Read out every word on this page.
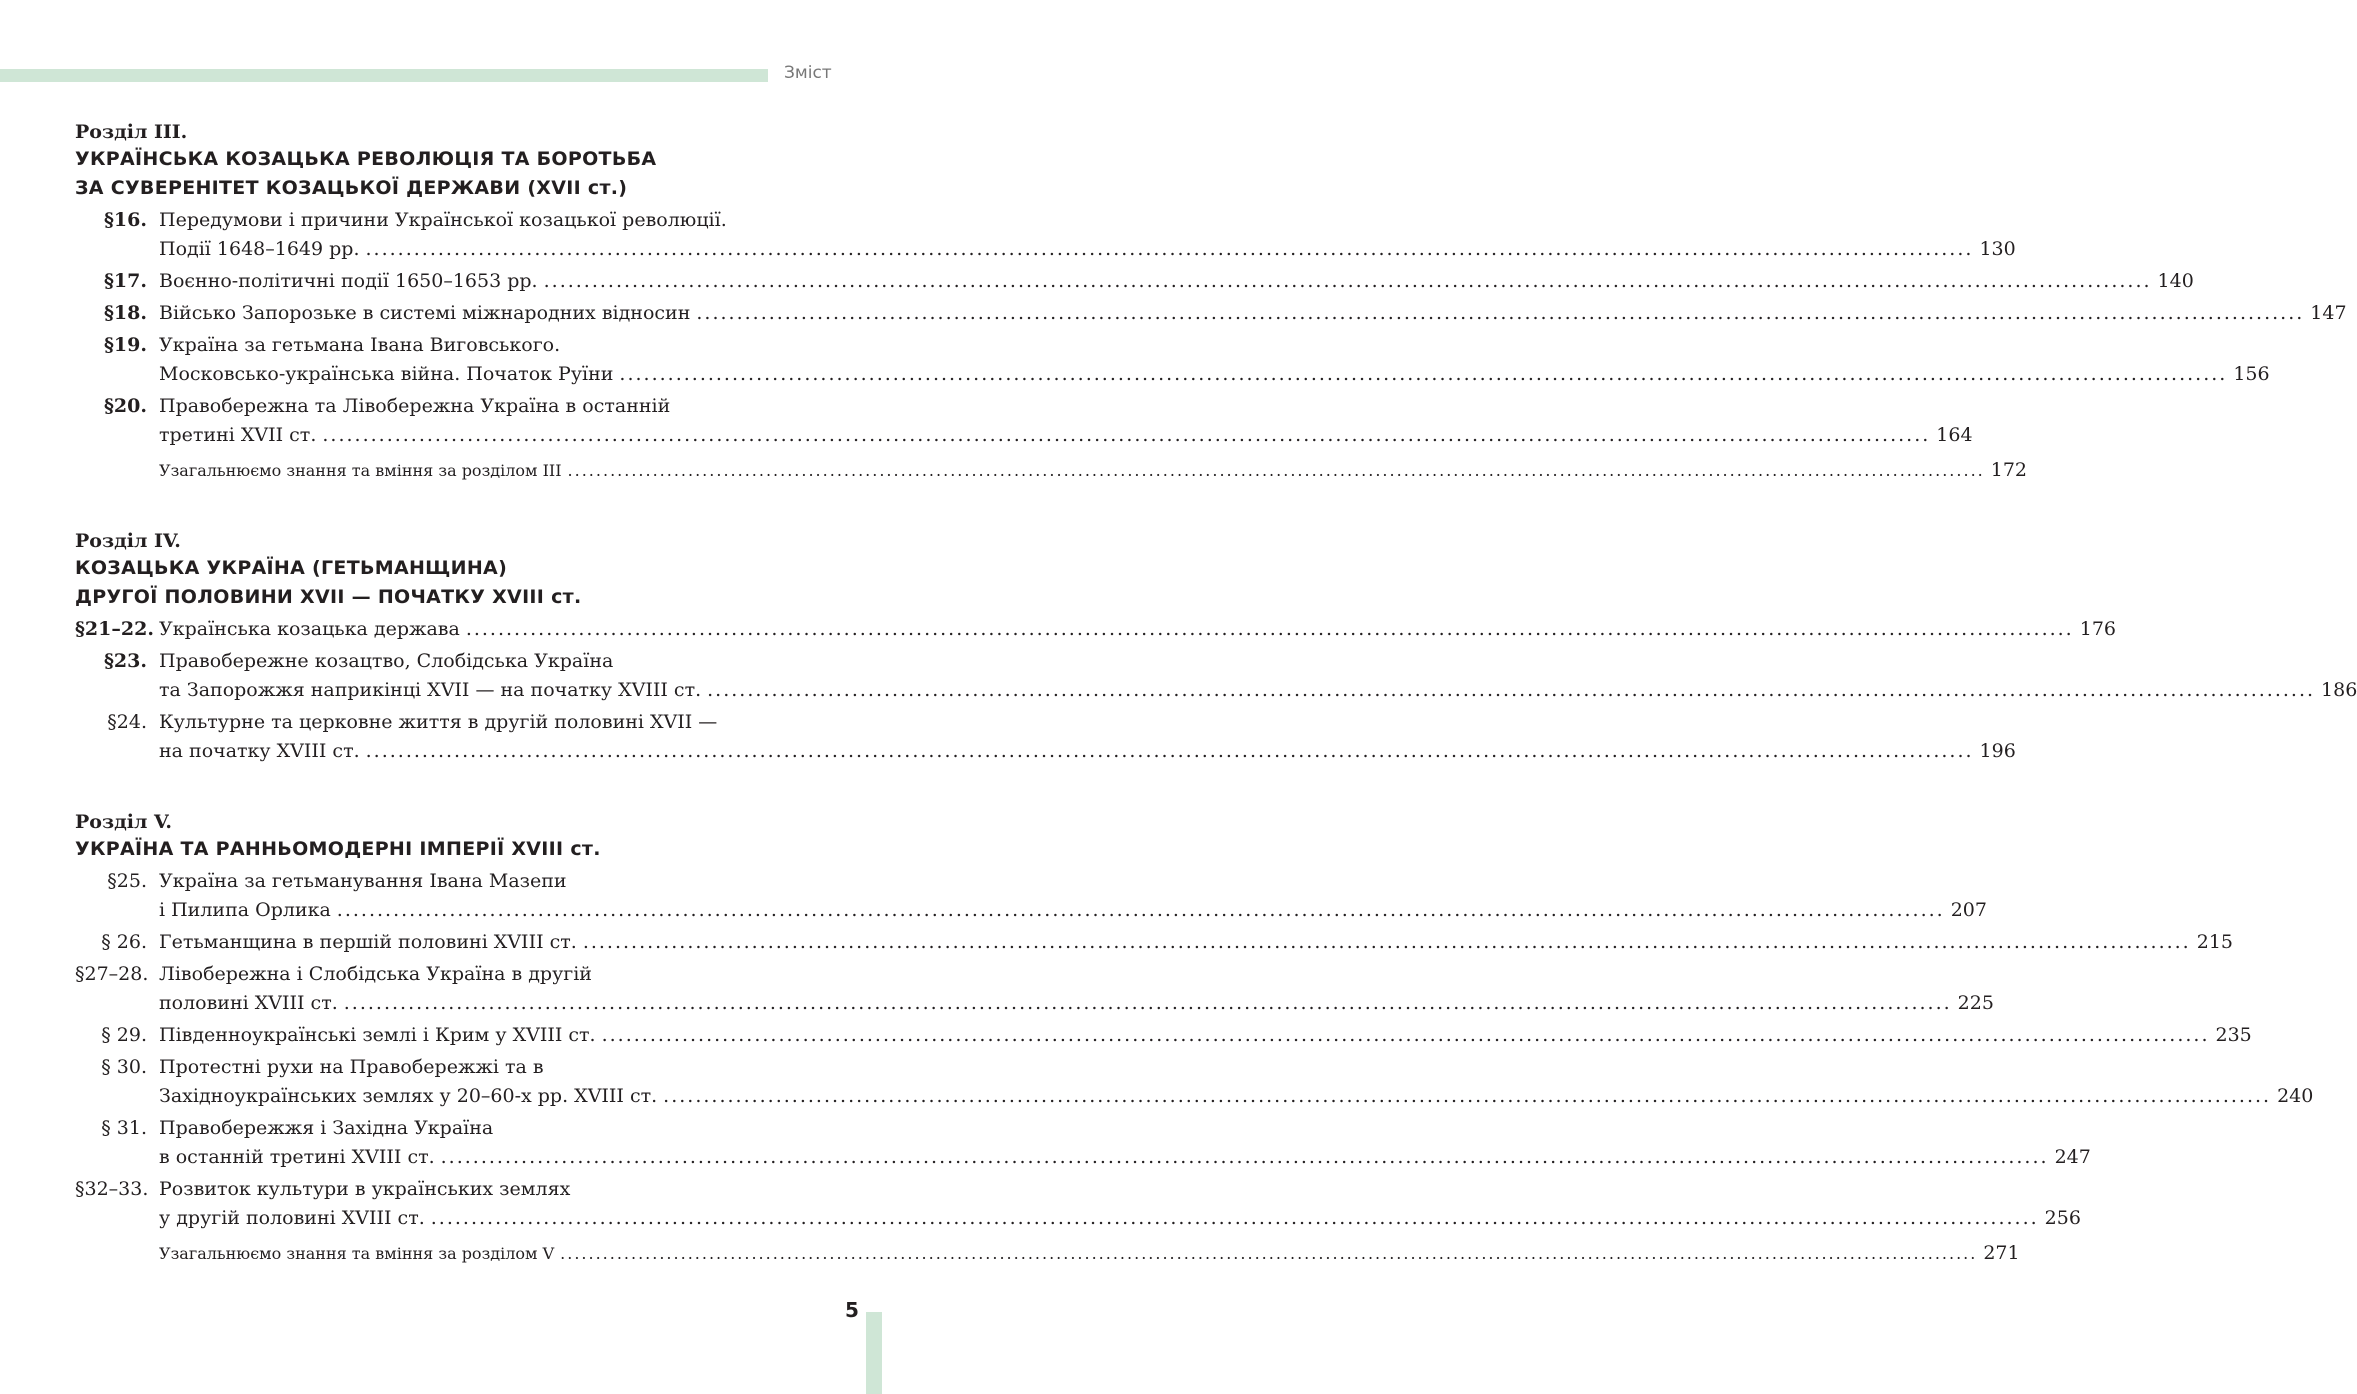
Зміст
Розділ III.
УКРАЇНСЬКА КОЗАЦЬКА РЕВОЛЮЦІЯ ТА БОРОТЬБА
ЗА СУВЕРЕНІТЕТ КОЗАЦЬКОЇ ДЕРЖАВИ (XVII ст.)
§16. Передумови і причини Української козацької революції.
Події 1648–1649 рр. ........................................................................................................................................................................................................ 130
§17. Воєнно-політичні події 1650–1653 рр. ........................................................................................................................................................................................................ 140
§18. Військо Запорозьке в системі міжнародних відносин ........................................................................................................................................................................................................ 147
§19. Україна за гетьмана Івана Виговського.
Московсько-українська війна. Початок Руїни ........................................................................................................................................................................................................ 156
§20. Правобережна та Лівобережна Україна в останній
третині XVII ст. ........................................................................................................................................................................................................ 164
Узагальнюємо знання та вміння за розділом III ........................................................................................................................................................................................................ 172
Розділ IV.
КОЗАЦЬКА УКРАЇНА (ГЕТЬМАНЩИНА)
ДРУГОЇ ПОЛОВИНИ XVII — ПОЧАТКУ XVIII ст.
§21–22. Українська козацька держава ........................................................................................................................................................................................................ 176
§23. Правобережне козацтво, Слобідська Україна
та Запорожжя наприкінці XVII — на початку XVIII ст. ........................................................................................................................................................................................................ 186
§24. Культурне та церковне життя в другій половині XVII —
на початку XVIII ст. ........................................................................................................................................................................................................ 196
Розділ V.
УКРАЇНА ТА РАННЬОМОДЕРНІ ІМПЕРІЇ XVIII ст.
§25. Україна за гетьманування Івана Мазепи
і Пилипа Орлика ........................................................................................................................................................................................................ 207
§ 26. Гетьманщина в першій половині XVIII ст. ........................................................................................................................................................................................................ 215
§27–28. Лівобережна і Слобідська Україна в другій
половині XVIII ст. ........................................................................................................................................................................................................ 225
§ 29. Південноукраїнські землі і Крим у XVIII ст. ........................................................................................................................................................................................................ 235
§ 30. Протестні рухи на Правобережжі та в
Західноукраїнських землях у 20–60-х рр. XVIII ст. ........................................................................................................................................................................................................ 240
§ 31. Правобережжя і Західна Україна
в останній третині XVIII ст. ........................................................................................................................................................................................................ 247
§32–33. Розвиток культури в українських землях
у другій половині XVIII ст. ........................................................................................................................................................................................................ 256
Узагальнюємо знання та вміння за розділом V ........................................................................................................................................................................................................ 271
5
